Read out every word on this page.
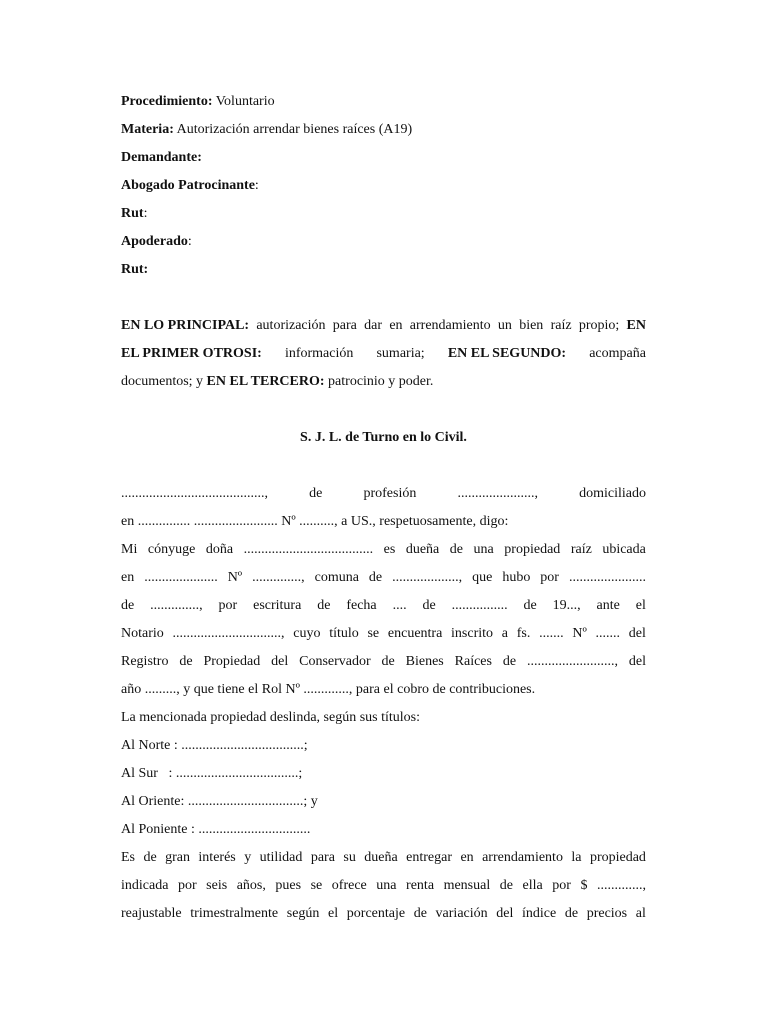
Procedimiento: Voluntario
Materia: Autorización arrendar bienes raíces (A19)
Demandante:
Abogado Patrocinante:
Rut:
Apoderado:
Rut:
EN LO PRINCIPAL: autorización para dar en arrendamiento un bien raíz propio; EN
EL PRIMER OTROSI: información sumaria; EN EL SEGUNDO: acompaña
documentos; y EN EL TERCERO: patrocinio y poder.
S. J. L. de Turno en lo Civil.
.........................................,	de	profesión	......................,	domiciliado
en ............... ........................ Nº .........., a US., respetuosamente, digo:
Mi cónyuge doña ..................................... es dueña de una propiedad raíz ubicada
en ..................... Nº .............., comuna de ..................., que hubo por ......................
de .............., por escritura de fecha .... de ................ de 19..., ante el
Notario ..............................., cuyo título se encuentra inscrito a fs. ....... Nº ....... del
Registro de Propiedad del Conservador de Bienes Raíces de ........................., del
año ........., y que tiene el Rol Nº ............., para el cobro de contribuciones.
La mencionada propiedad deslinda, según sus títulos:
Al Norte : ...................................;
Al Sur   : ...................................;
Al Oriente: .................................; y
Al Poniente : ................................
Es de gran interés y utilidad para su dueña entregar en arrendamiento la propiedad
indicada por seis años, pues se ofrece una renta mensual de ella por $ .............,
reajustable trimestralmente según el porcentaje de variación del índice de precios al
